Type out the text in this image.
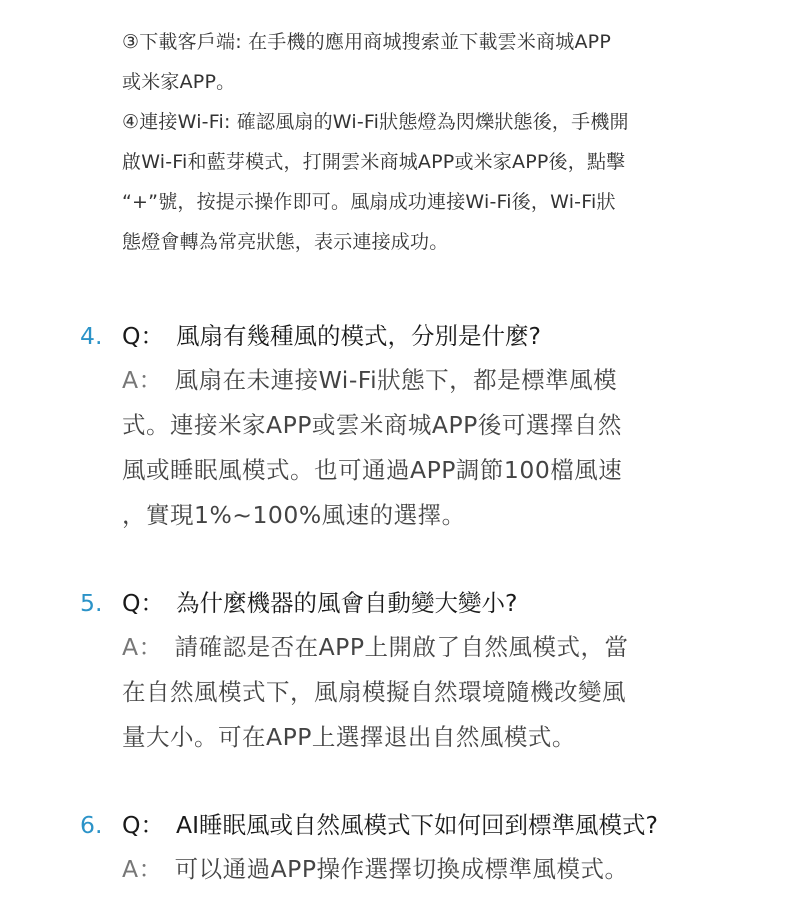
③下載客戶端: 在手機的應用商城搜索並下載雲米商城APP
或米家APP。
④連接Wi-Fi: 確認風扇的Wi-Fi狀態燈為閃爍狀態後，手機開
啟Wi-Fi和藍芽模式，打開雲米商城APP或米家APP後，點擊
“+”號，按提示操作即可。風扇成功連接Wi-Fi後，Wi-Fi狀
態燈會轉為常亮狀態，表示連接成功。
4. Q： 風扇有幾種風的模式，分別是什麼?
A： 風扇在未連接Wi-Fi狀態下，都是標準風模
式。連接米家APP或雲米商城APP後可選擇自然
風或睡眠風模式。也可通過APP調節100檔風速
，實現1%~100%風速的選擇。
5. Q： 為什麼機器的風會自動變大變小?
A： 請確認是否在APP上開啟了自然風模式，當
在自然風模式下，風扇模擬自然環境隨機改變風
量大小。可在APP上選擇退出自然風模式。
6. Q： AI睡眠風或自然風模式下如何回到標準風模式?
A： 可以通過APP操作選擇切換成標準風模式。
